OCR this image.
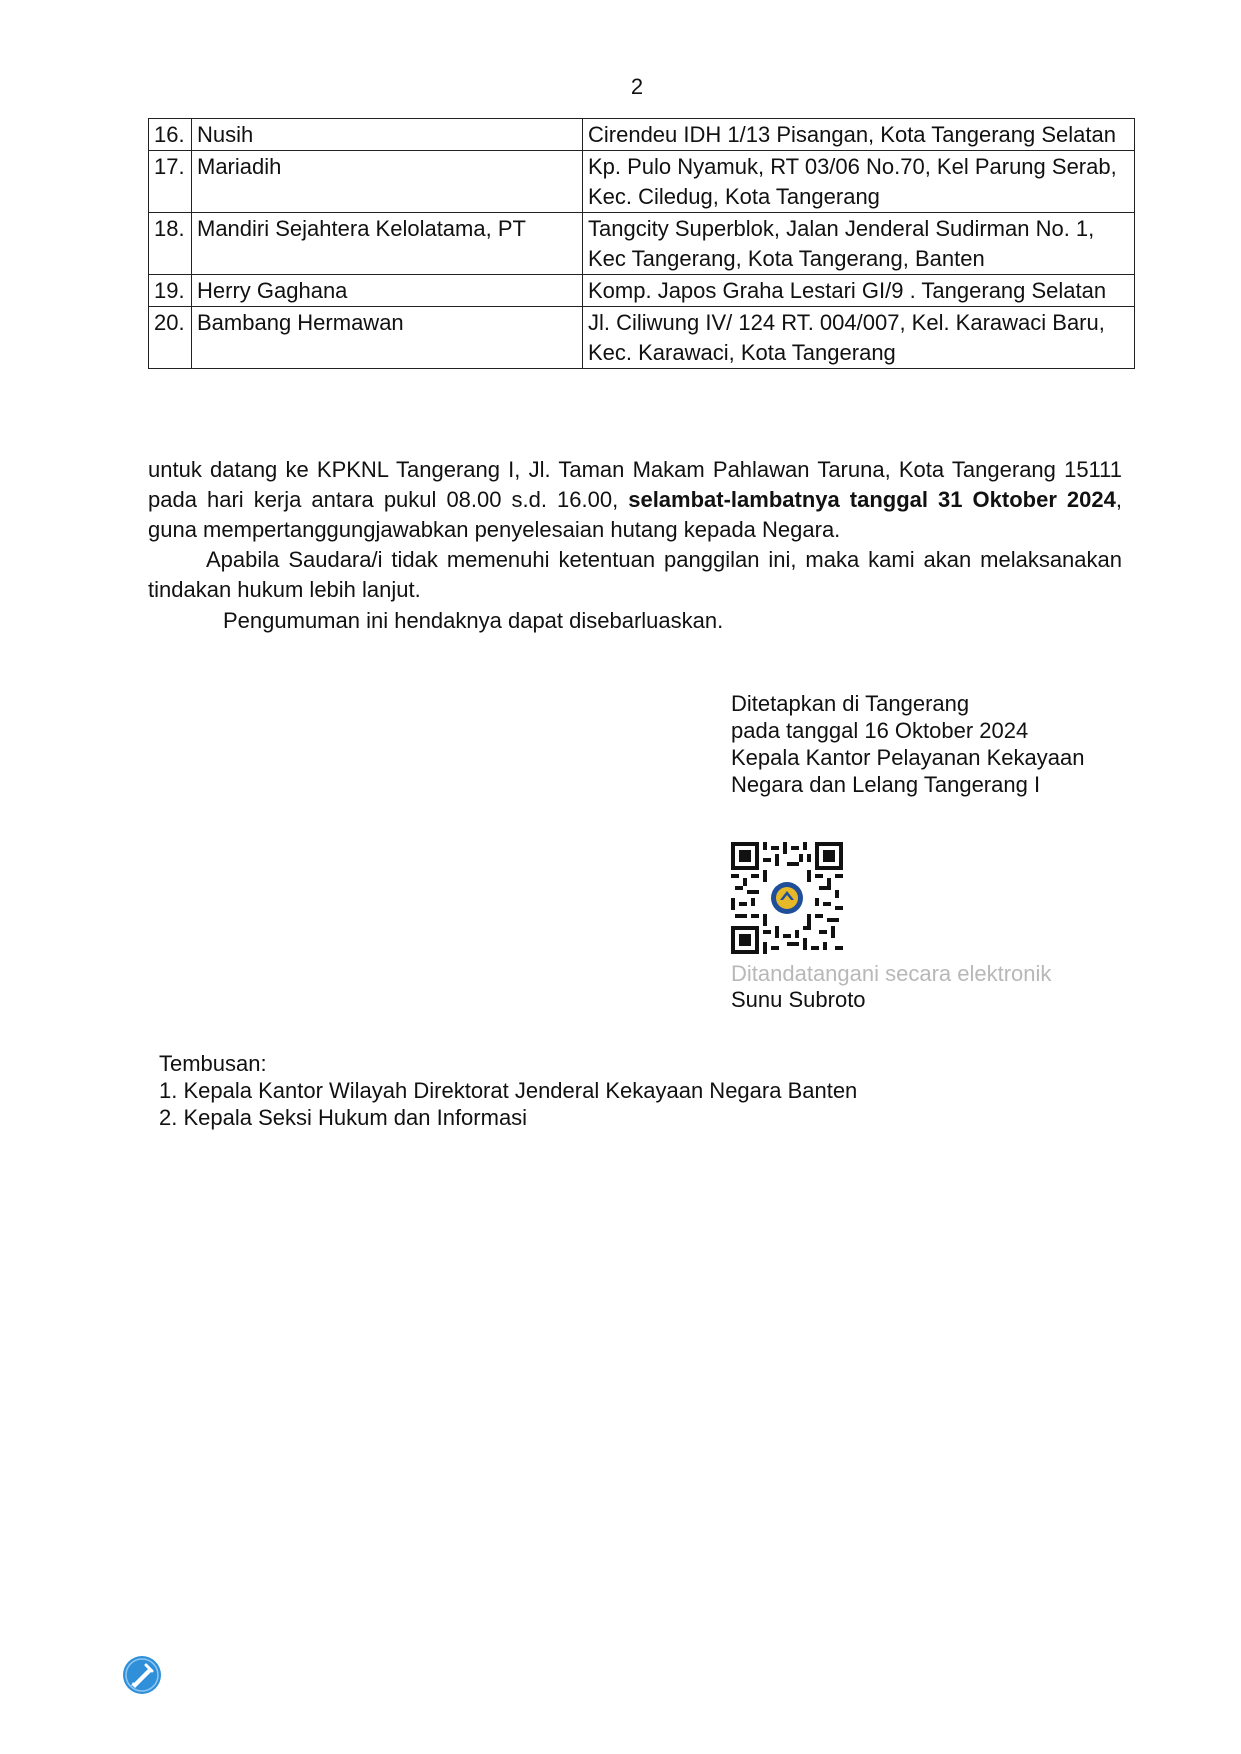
2
16.	Nusih	Cirendeu IDH 1/13 Pisangan, Kota Tangerang Selatan
17.	Mariadih	Kp. Pulo Nyamuk, RT 03/06 No.70, Kel Parung Serab, Kec. Ciledug, Kota Tangerang
18.	Mandiri Sejahtera Kelolatama, PT	Tangcity Superblok, Jalan Jenderal Sudirman No. 1, Kec Tangerang, Kota Tangerang, Banten
19.	Herry Gaghana	Komp. Japos Graha Lestari GI/9 . Tangerang Selatan
20.	Bambang Hermawan	Jl. Ciliwung IV/ 124 RT. 004/007, Kel. Karawaci Baru, Kec. Karawaci, Kota Tangerang
untuk datang ke KPKNL Tangerang I, Jl. Taman Makam Pahlawan Taruna, Kota Tangerang 15111 pada hari kerja antara pukul 08.00 s.d. 16.00, selambat-lambatnya tanggal 31 Oktober 2024, guna mempertanggungjawabkan penyelesaian hutang kepada Negara.
Apabila Saudara/i tidak memenuhi ketentuan panggilan ini, maka kami akan melaksanakan tindakan hukum lebih lanjut.
Pengumuman ini hendaknya dapat disebarluaskan.
Ditetapkan di Tangerang
pada tanggal 16 Oktober 2024
Kepala Kantor Pelayanan Kekayaan
Negara dan Lelang Tangerang I
Ditandatangani secara elektronik
Sunu Subroto
Tembusan:
1. Kepala Kantor Wilayah Direktorat Jenderal Kekayaan Negara Banten
2. Kepala Seksi Hukum dan Informasi
